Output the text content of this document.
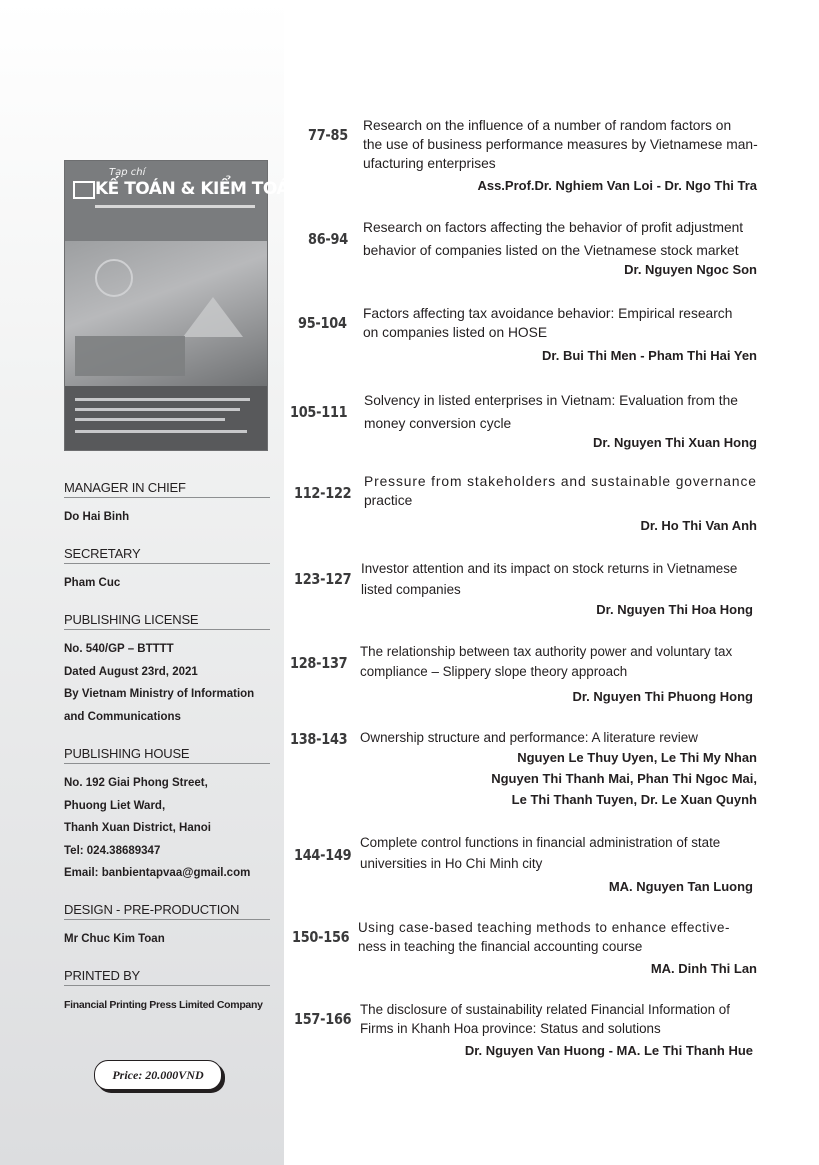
Tạp chí
KẾ TOÁN & KIỂM TOÁN
MANAGER IN CHIEF
Do Hai Binh
SECRETARY
Pham Cuc
PUBLISHING LICENSE
No. 540/GP – BTTTT
Dated August 23rd, 2021
By Vietnam Ministry of Information
and Communications
PUBLISHING HOUSE
No. 192 Giai Phong Street,
Phuong Liet Ward,
Thanh Xuan District, Hanoi
Tel: 024.38689347
Email: banbientapvaa@gmail.com
DESIGN - PRE-PRODUCTION
Mr Chuc Kim Toan
PRINTED BY
Financial Printing Press Limited Company
Price: 20.000VND
77-85
Research on the influence of a number of random factors on
the use of business performance measures by Vietnamese man-
ufacturing enterprises
Ass.Prof.Dr. Nghiem Van Loi - Dr. Ngo Thi Tra
86-94
Research on factors affecting the behavior of profit adjustment
behavior of companies listed on the Vietnamese stock market
Dr. Nguyen Ngoc Son
95-104
Factors affecting tax avoidance behavior: Empirical research
on companies listed on HOSE
Dr. Bui Thi Men - Pham Thi Hai Yen
105-111
Solvency in listed enterprises in Vietnam: Evaluation from the
money conversion cycle
Dr. Nguyen Thi Xuan Hong
112-122
Pressure from stakeholders and sustainable governance
practice
Dr. Ho Thi Van Anh
123-127
Investor attention and its impact on stock returns in Vietnamese
listed companies
Dr. Nguyen Thi Hoa Hong
128-137
The relationship between tax authority power and voluntary tax
compliance – Slippery slope theory approach
Dr. Nguyen Thi Phuong Hong
138-143 Ownership structure and performance: A literature review
Nguyen Le Thuy Uyen, Le Thi My Nhan
Nguyen Thi Thanh Mai, Phan Thi Ngoc Mai,
Le Thi Thanh Tuyen, Dr. Le Xuan Quynh
144-149
Complete control functions in financial administration of state
universities in Ho Chi Minh city
MA. Nguyen Tan Luong
150-156
Using case-based teaching methods to enhance effective-
ness in teaching the financial accounting course
MA. Dinh Thi Lan
157-166
The disclosure of sustainability related Financial Information of
Firms in Khanh Hoa province: Status and solutions
Dr. Nguyen Van Huong - MA. Le Thi Thanh Hue
